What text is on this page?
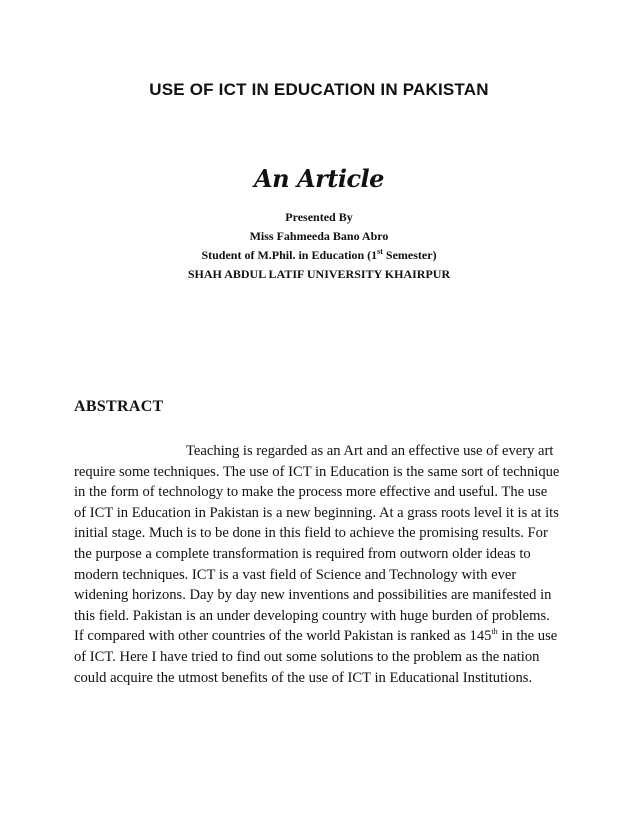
USE OF ICT IN EDUCATION IN PAKISTAN
An Article
Presented By
Miss Fahmeeda Bano Abro
Student of M.Phil. in Education (1st Semester)
SHAH ABDUL LATIF UNIVERSITY KHAIRPUR
ABSTRACT
Teaching is regarded as an Art and an effective use of every art
require some techniques. The use of ICT in Education is the same sort of technique
in the form of technology to make the process more effective and useful. The use
of ICT in Education in Pakistan is a new beginning. At a grass roots level it is at its
initial stage. Much is to be done in this field to achieve the promising results. For
the purpose a complete transformation is required from outworn older ideas to
modern techniques. ICT is a vast field of Science and Technology with ever
widening horizons. Day by day new inventions and possibilities are manifested in
this field. Pakistan is an under developing country with huge burden of problems.
If compared with other countries of the world Pakistan is ranked as 145th in the use
of ICT. Here I have tried to find out some solutions to the problem as the nation
could acquire the utmost benefits of the use of ICT in Educational Institutions.
